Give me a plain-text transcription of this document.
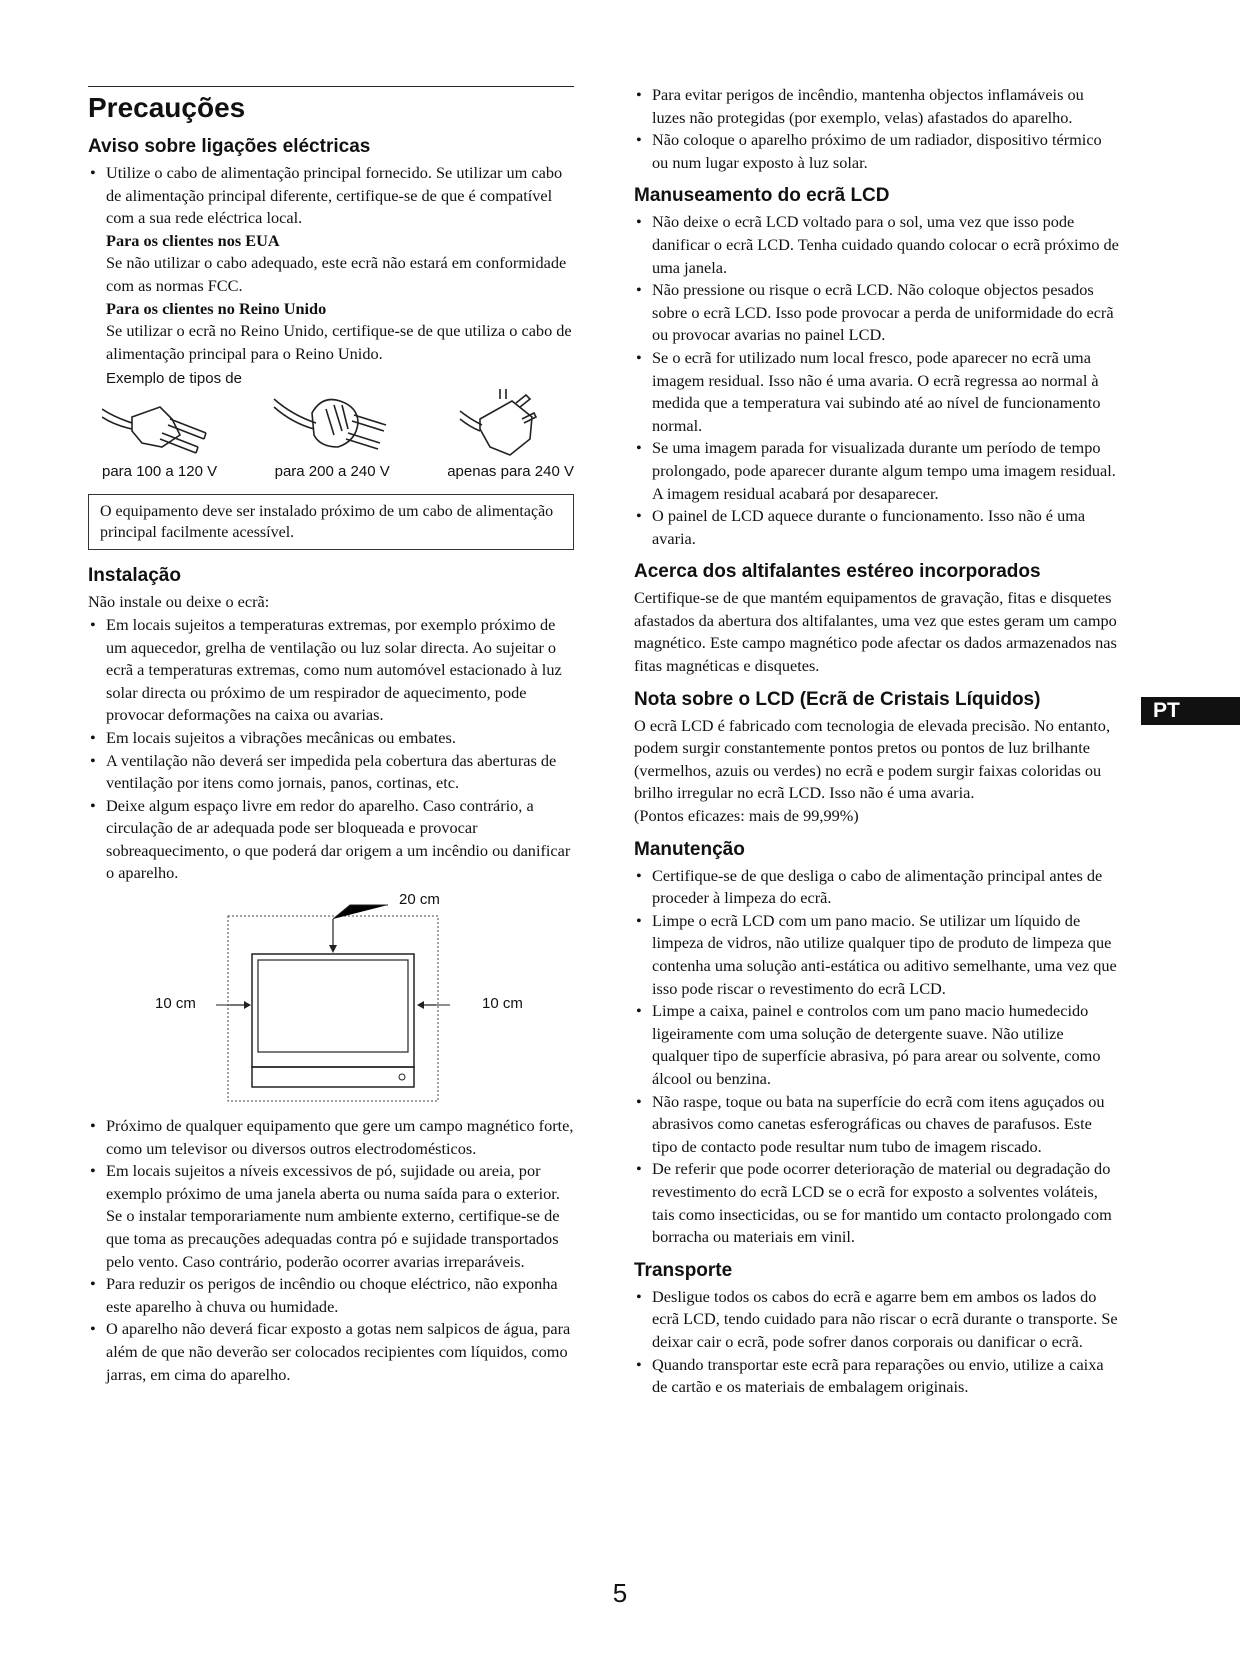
Precauções
Aviso sobre ligações eléctricas
• Utilize o cabo de alimentação principal fornecido. Se utilizar um cabo de alimentação principal diferente, certifique-se de que é compatível com a sua rede eléctrica local.

Para os clientes nos EUA

Se não utilizar o cabo adequado, este ecrã não estará em conformidade com as normas FCC.

Para os clientes no Reino Unido

Se utilizar o ecrã no Reino Unido, certifique-se de que utiliza o cabo de alimentação principal para o Reino Unido.

Exemplo de tipos de

para 100 a 120 V	para 200 a 240 V	apenas para 240 V
O equipamento deve ser instalado próximo de um cabo de alimentação principal facilmente acessível.
Instalação

Não instale ou deixe o ecrã:

• Em locais sujeitos a temperaturas extremas, por exemplo próximo de um aquecedor, grelha de ventilação ou luz solar directa. Ao sujeitar o ecrã a temperaturas extremas, como num automóvel estacionado à luz solar directa ou próximo de um respirador de aquecimento, pode provocar deformações na caixa ou avarias.
• Em locais sujeitos a vibrações mecânicas ou embates.
• A ventilação não deverá ser impedida pela cobertura das aberturas de ventilação por itens como jornais, panos, cortinas, etc.
• Deixe algum espaço livre em redor do aparelho. Caso contrário, a circulação de ar adequada pode ser bloqueada e provocar sobreaquecimento, o que poderá dar origem a um incêndio ou danificar o aparelho.
20 cm
10 cm	10 cm
• Próximo de qualquer equipamento que gere um campo magnético forte, como um televisor ou diversos outros electrodomésticos.
• Em locais sujeitos a níveis excessivos de pó, sujidade ou areia, por exemplo próximo de uma janela aberta ou numa saída para o exterior. Se o instalar temporariamente num ambiente externo, certifique-se de que toma as precauções adequadas contra pó e sujidade transportados pelo vento. Caso contrário, poderão ocorrer avarias irreparáveis.
• Para reduzir os perigos de incêndio ou choque eléctrico, não exponha este aparelho à chuva ou humidade.
• O aparelho não deverá ficar exposto a gotas nem salpicos de água, para além de que não deverão ser colocados recipientes com líquidos, como jarras, em cima do aparelho.
• Para evitar perigos de incêndio, mantenha objectos inflamáveis ou luzes não protegidas (por exemplo, velas) afastados do aparelho.
• Não coloque o aparelho próximo de um radiador, dispositivo térmico ou num lugar exposto à luz solar.
Manuseamento do ecrã LCD
• Não deixe o ecrã LCD voltado para o sol, uma vez que isso pode danificar o ecrã LCD. Tenha cuidado quando colocar o ecrã próximo de uma janela.
• Não pressione ou risque o ecrã LCD. Não coloque objectos pesados sobre o ecrã LCD. Isso pode provocar a perda de uniformidade do ecrã ou provocar avarias no painel LCD.
• Se o ecrã for utilizado num local fresco, pode aparecer no ecrã uma imagem residual. Isso não é uma avaria. O ecrã regressa ao normal à medida que a temperatura vai subindo até ao nível de funcionamento normal.
• Se uma imagem parada for visualizada durante um período de tempo prolongado, pode aparecer durante algum tempo uma imagem residual. A imagem residual acabará por desaparecer.
• O painel de LCD aquece durante o funcionamento. Isso não é uma avaria.
Acerca dos altifalantes estéreo incorporados

Certifique-se de que mantém equipamentos de gravação, fitas e disquetes afastados da abertura dos altifalantes, uma vez que estes geram um campo magnético. Este campo magnético pode afectar os dados armazenados nas fitas magnéticas e disquetes.

Nota sobre o LCD (Ecrã de Cristais Líquidos)

O ecrã LCD é fabricado com tecnologia de elevada precisão. No entanto, podem surgir constantemente pontos pretos ou pontos de luz brilhante (vermelhos, azuis ou verdes) no ecrã e podem surgir faixas coloridas ou brilho irregular no ecrã LCD. Isso não é uma avaria.

(Pontos eficazes: mais de 99,99%)

Manutenção
• Certifique-se de que desliga o cabo de alimentação principal antes de proceder à limpeza do ecrã.
• Limpe o ecrã LCD com um pano macio. Se utilizar um líquido de limpeza de vidros, não utilize qualquer tipo de produto de limpeza que contenha uma solução anti-estática ou aditivo semelhante, uma vez que isso pode riscar o revestimento do ecrã LCD.
• Limpe a caixa, painel e controlos com um pano macio humedecido ligeiramente com uma solução de detergente suave. Não utilize qualquer tipo de superfície abrasiva, pó para arear ou solvente, como álcool ou benzina.
• Não raspe, toque ou bata na superfície do ecrã com itens aguçados ou abrasivos como canetas esferográficas ou chaves de parafusos. Este tipo de contacto pode resultar num tubo de imagem riscado.
• De referir que pode ocorrer deterioração de material ou degradação do revestimento do ecrã LCD se o ecrã for exposto a solventes voláteis, tais como insecticidas, ou se for mantido um contacto prolongado com borracha ou materiais em vinil.
Transporte
• Desligue todos os cabos do ecrã e agarre bem em ambos os lados do ecrã LCD, tendo cuidado para não riscar o ecrã durante o transporte. Se deixar cair o ecrã, pode sofrer danos corporais ou danificar o ecrã.
• Quando transportar este ecrã para reparações ou envio, utilize a caixa de cartão e os materiais de embalagem originais.
PT
5
